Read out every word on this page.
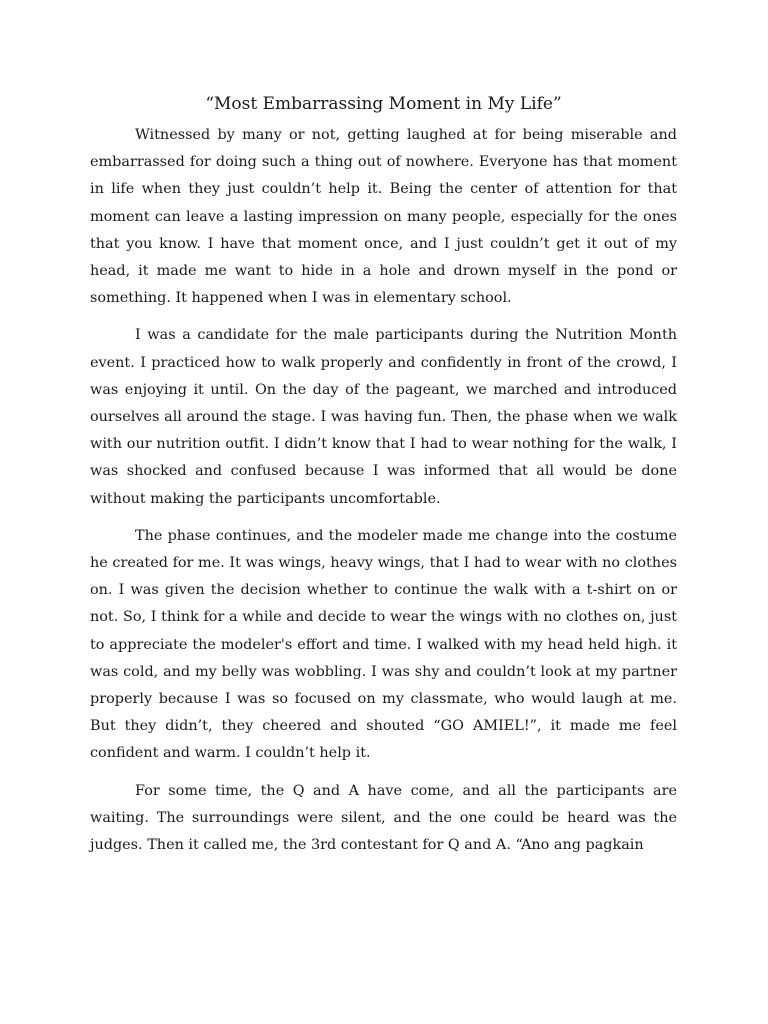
“Most Embarrassing Moment in My Life”

Witnessed by many or not, getting laughed at for being miserable and embarrassed for doing such a thing out of nowhere. Everyone has that moment in life when they just couldn’t help it. Being the center of attention for that moment can leave a lasting impression on many people, especially for the ones that you know. I have that moment once, and I just couldn’t get it out of my head, it made me want to hide in a hole and drown myself in the pond or something. It happened when I was in elementary school.

I was a candidate for the male participants during the Nutrition Month event. I practiced how to walk properly and confidently in front of the crowd, I was enjoying it until. On the day of the pageant, we marched and introduced ourselves all around the stage. I was having fun. Then, the phase when we walk with our nutrition outfit. I didn’t know that I had to wear nothing for the walk, I was shocked and confused because I was informed that all would be done without making the participants uncomfortable.

The phase continues, and the modeler made me change into the costume he created for me. It was wings, heavy wings, that I had to wear with no clothes on. I was given the decision whether to continue the walk with a t-shirt on or not. So, I think for a while and decide to wear the wings with no clothes on, just to appreciate the modeler's effort and time. I walked with my head held high. it was cold, and my belly was wobbling. I was shy and couldn’t look at my partner properly because I was so focused on my classmate, who would laugh at me. But they didn’t, they cheered and shouted “GO AMIEL!”, it made me feel confident and warm. I couldn’t help it.

For some time, the Q and A have come, and all the participants are waiting. The surroundings were silent, and the one could be heard was the judges. Then it called me, the 3rd contestant for Q and A. “Ano ang pagkain
